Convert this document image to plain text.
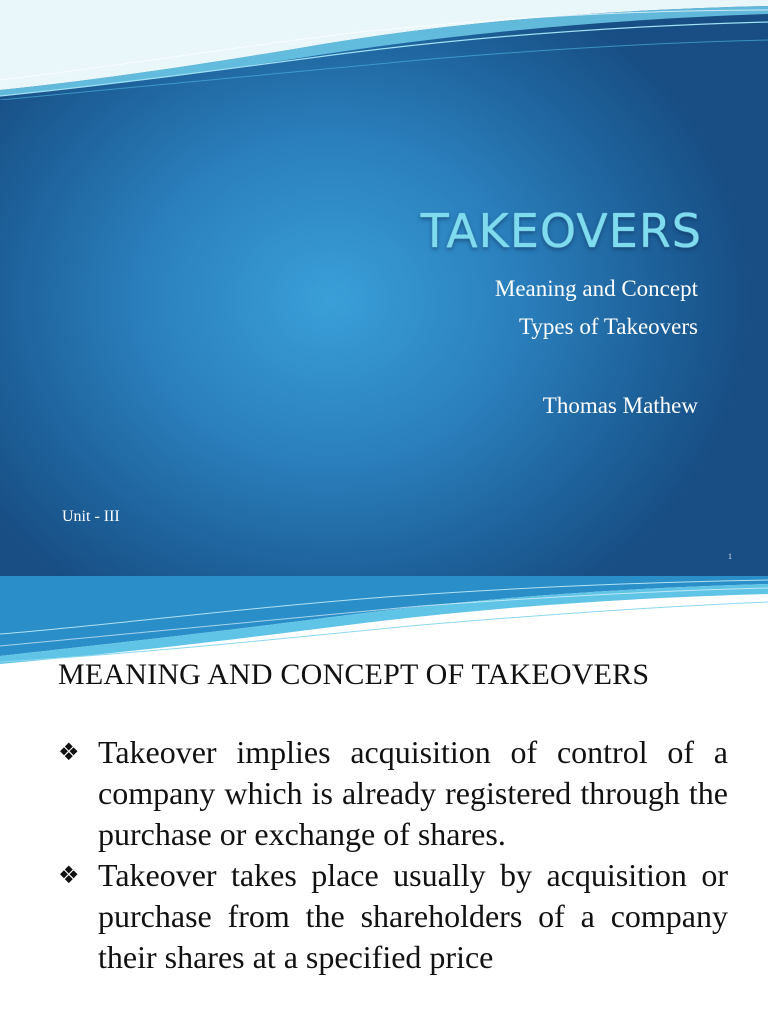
TAKEOVERS

Meaning and Concept

Types of Takeovers

Thomas Mathew

Unit - III

1

MEANING AND CONCEPT OF TAKEOVERS
❖ Takeover implies acquisition of control of a company which is already registered through the purchase or exchange of shares.
❖ Takeover takes place usually by acquisition or purchase from the shareholders of a company their shares at a specified price
